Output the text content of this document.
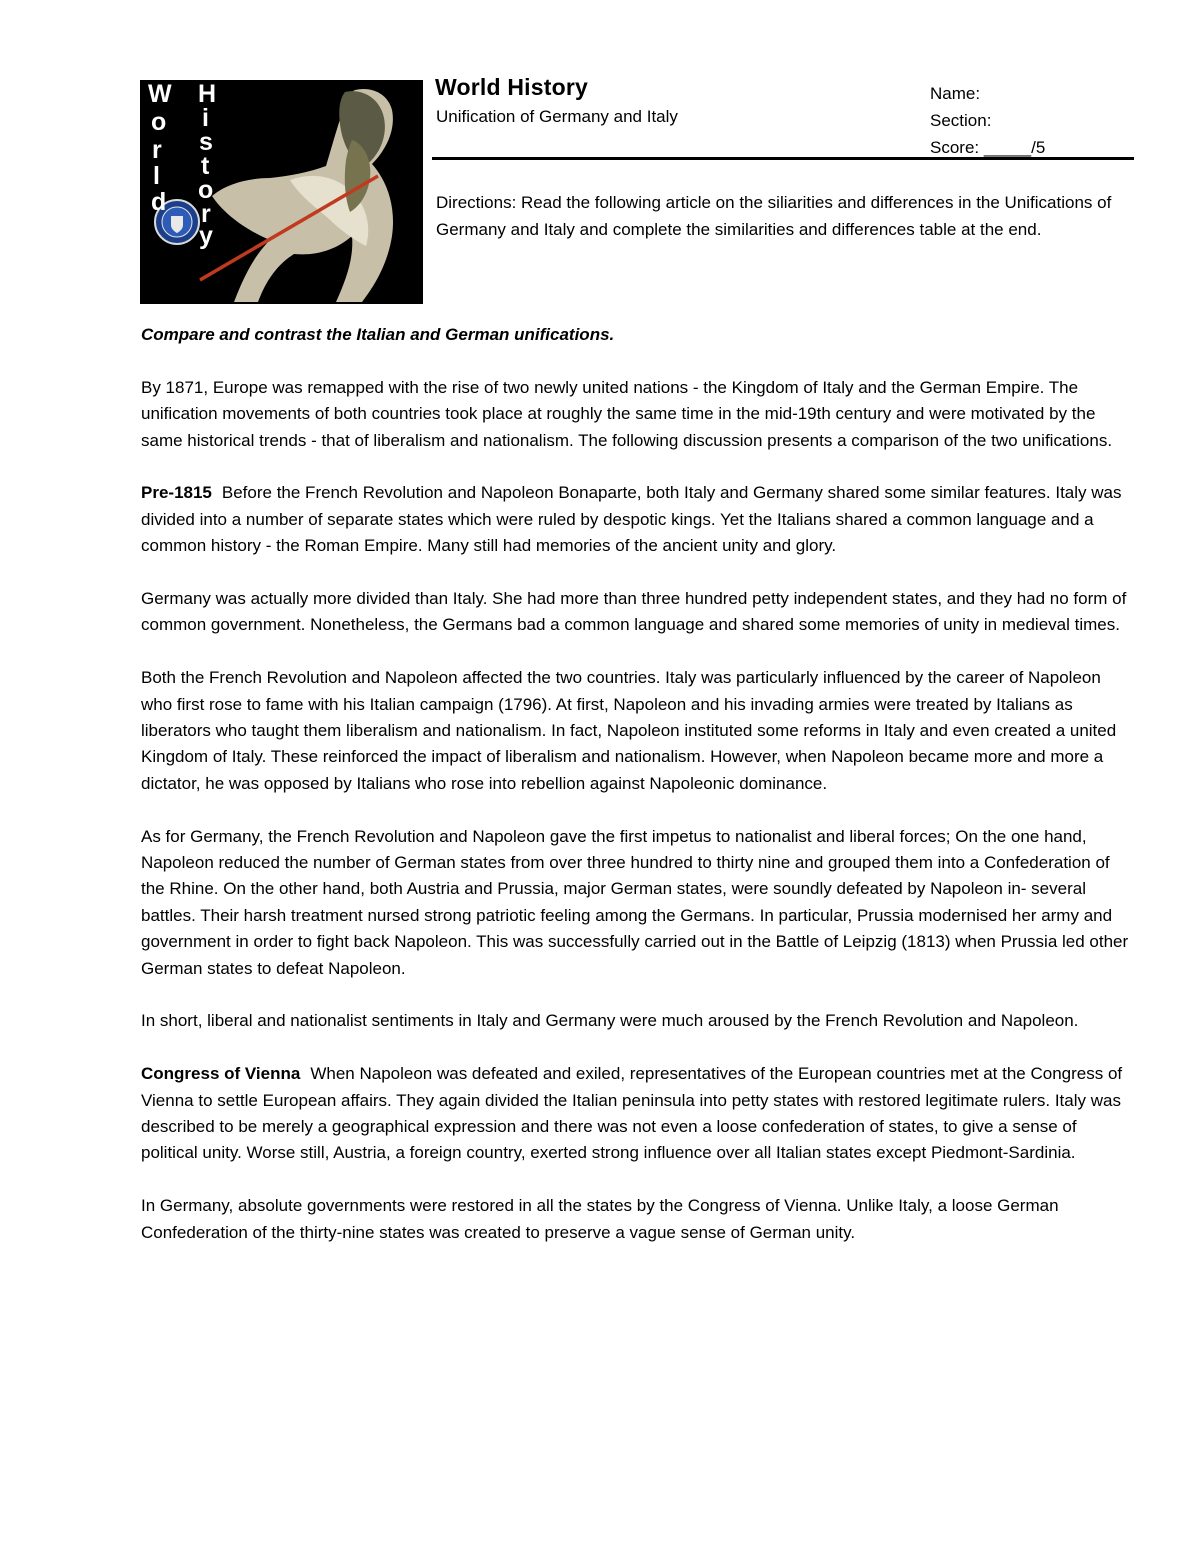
W
o
r
l
d
H
i
s
t
o
r
y
World History
Unification of Germany and Italy
Name:
Section:
Score: _____/5
Directions: Read the following article on the siliarities and differences in the Unifications of Germany and Italy and complete the similarities and differences table at the end.

Compare and contrast the Italian and German unifications.

By 1871, Europe was remapped with the rise of two newly united nations - the Kingdom of Italy and the German Empire. The unification movements of both countries took place at roughly the same time in the mid-19th century and were motivated by the same historical trends - that of liberalism and nationalism. The following discussion presents a comparison of the two unifications.

Pre-1815 Before the French Revolution and Napoleon Bonaparte, both Italy and Germany shared some similar features. Italy was divided into a number of separate states which were ruled by despotic kings. Yet the Italians shared a common language and a common history - the Roman Empire. Many still had memories of the ancient unity and glory.

Germany was actually more divided than Italy. She had more than three hundred petty independent states, and they had no form of common government. Nonetheless, the Germans bad a common language and shared some memories of unity in medieval times.

Both the French Revolution and Napoleon affected the two countries. Italy was particularly influenced by the career of Napoleon who first rose to fame with his Italian campaign (1796). At first, Napoleon and his invading armies were treated by Italians as liberators who taught them liberalism and nationalism. In fact, Napoleon instituted some reforms in Italy and even created a united Kingdom of Italy. These reinforced the impact of liberalism and nationalism. However, when Napoleon became more and more a dictator, he was opposed by Italians who rose into rebellion against Napoleonic dominance.

As for Germany, the French Revolution and Napoleon gave the first impetus to nationalist and liberal forces; On the one hand, Napoleon reduced the number of German states from over three hundred to thirty nine and grouped them into a Confederation of the Rhine. On the other hand, both Austria and Prussia, major German states, were soundly defeated by Napoleon in- several battles. Their harsh treatment nursed strong patriotic feeling among the Germans. In particular, Prussia modernised her army and government in order to fight back Napoleon. This was successfully carried out in the Battle of Leipzig (1813) when Prussia led other German states to defeat Napoleon.

In short, liberal and nationalist sentiments in Italy and Germany were much aroused by the French Revolution and Napoleon.

Congress of Vienna When Napoleon was defeated and exiled, representatives of the European countries met at the Congress of Vienna to settle European affairs. They again divided the Italian peninsula into petty states with restored legitimate rulers. Italy was described to be merely a geographical expression and there was not even a loose confederation of states, to give a sense of political unity. Worse still, Austria, a foreign country, exerted strong influence over all Italian states except Piedmont-Sardinia.

In Germany, absolute governments were restored in all the states by the Congress of Vienna. Unlike Italy, a loose German Confederation of the thirty-nine states was created to preserve a vague sense of German unity.
